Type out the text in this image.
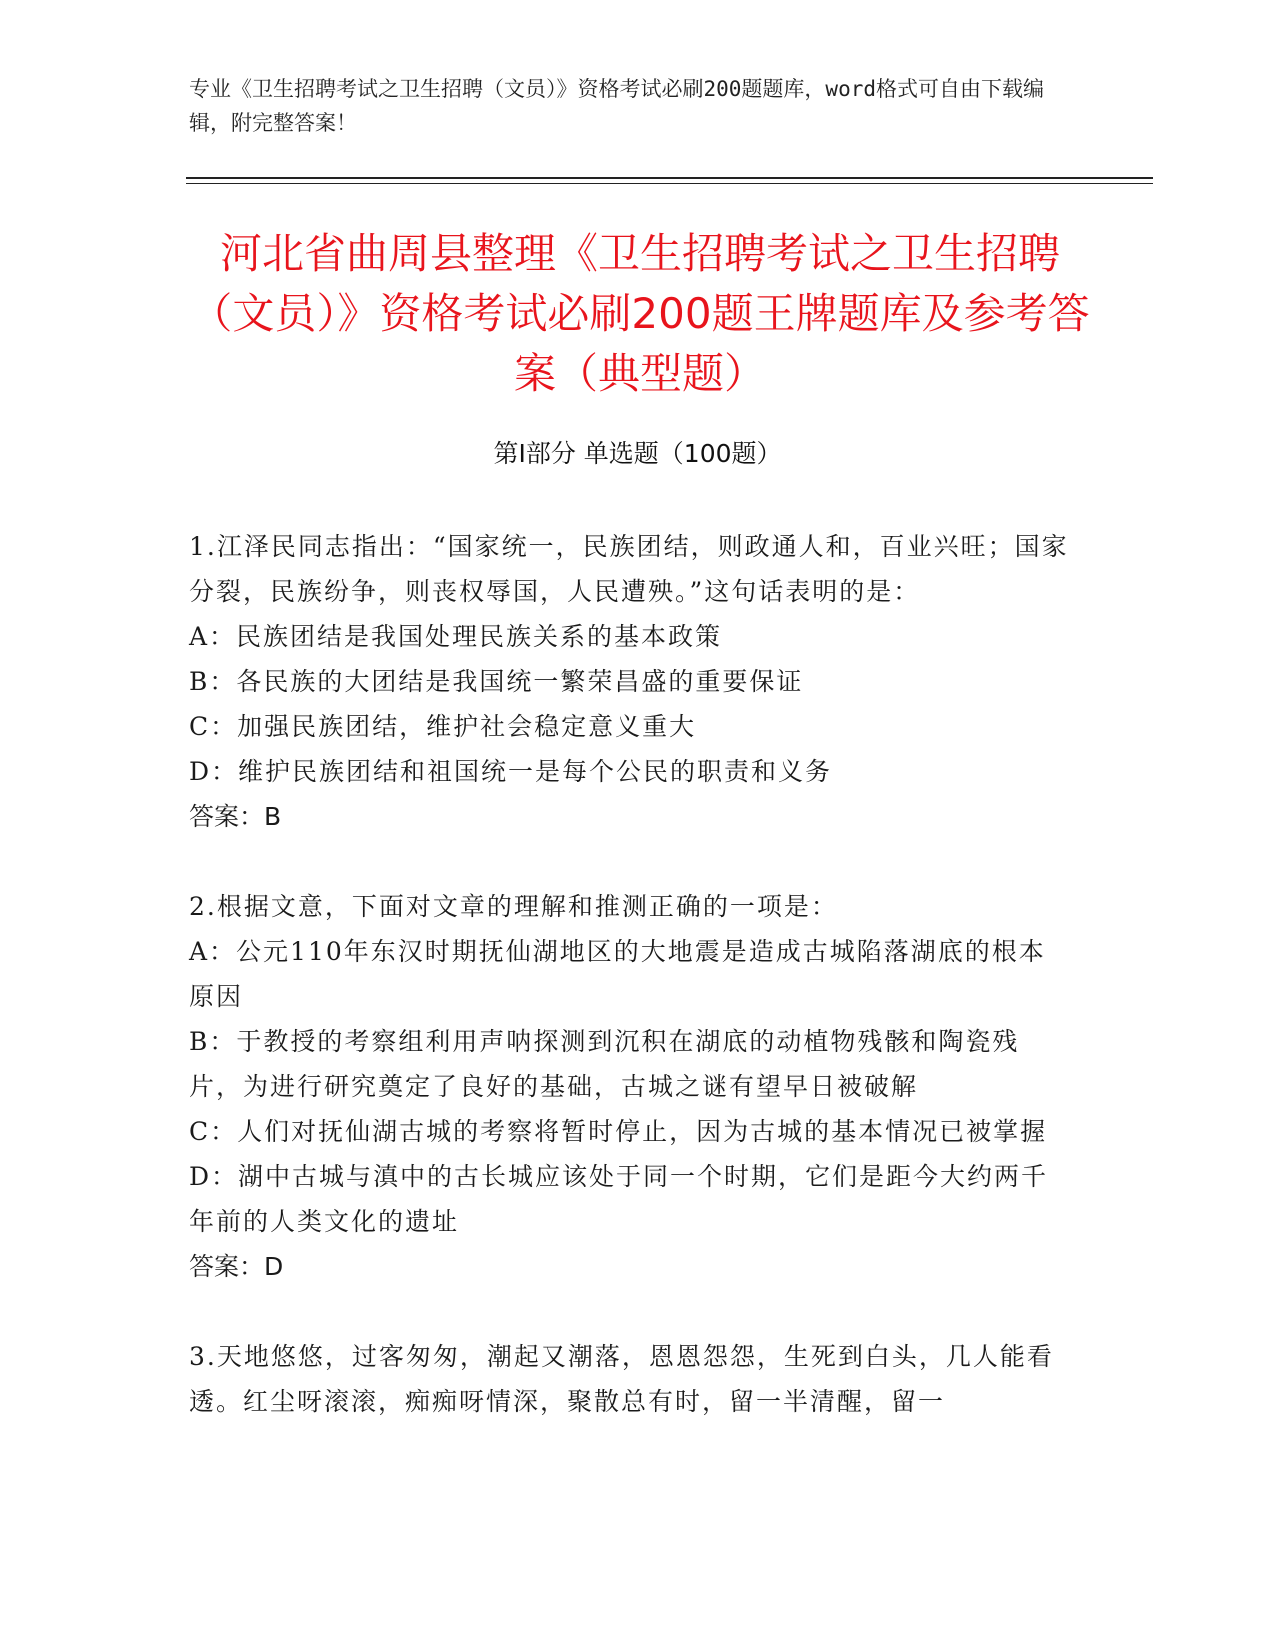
专业《卫生招聘考试之卫生招聘（文员）》资格考试必刷200题题库，word格式可自由下载编辑，附完整答案！
河北省曲周县整理《卫生招聘考试之卫生招聘（文员）》资格考试必刷200题王牌题库及参考答案（典型题）
第I部分 单选题（100题）

1.江泽民同志指出：“国家统一，民族团结，则政通人和，百业兴旺；国家分裂，民族纷争，则丧权辱国，人民遭殃。”这句话表明的是：

A：民族团结是我国处理民族关系的基本政策

B：各民族的大团结是我国统一繁荣昌盛的重要保证

C：加强民族团结，维护社会稳定意义重大

D：维护民族团结和祖国统一是每个公民的职责和义务

答案：B

2.根据文意，下面对文章的理解和推测正确的一项是：

A：公元110年东汉时期抚仙湖地区的大地震是造成古城陷落湖底的根本原因

B：于教授的考察组利用声呐探测到沉积在湖底的动植物残骸和陶瓷残片，为进行研究奠定了良好的基础，古城之谜有望早日被破解

C：人们对抚仙湖古城的考察将暂时停止，因为古城的基本情况已被掌握

D：湖中古城与滇中的古长城应该处于同一个时期，它们是距今大约两千年前的人类文化的遗址

答案：D

3.天地悠悠，过客匆匆，潮起又潮落，恩恩怨怨，生死到白头，几人能看透。红尘呀滚滚，痴痴呀情深，聚散总有时，留一半清醒，留一
